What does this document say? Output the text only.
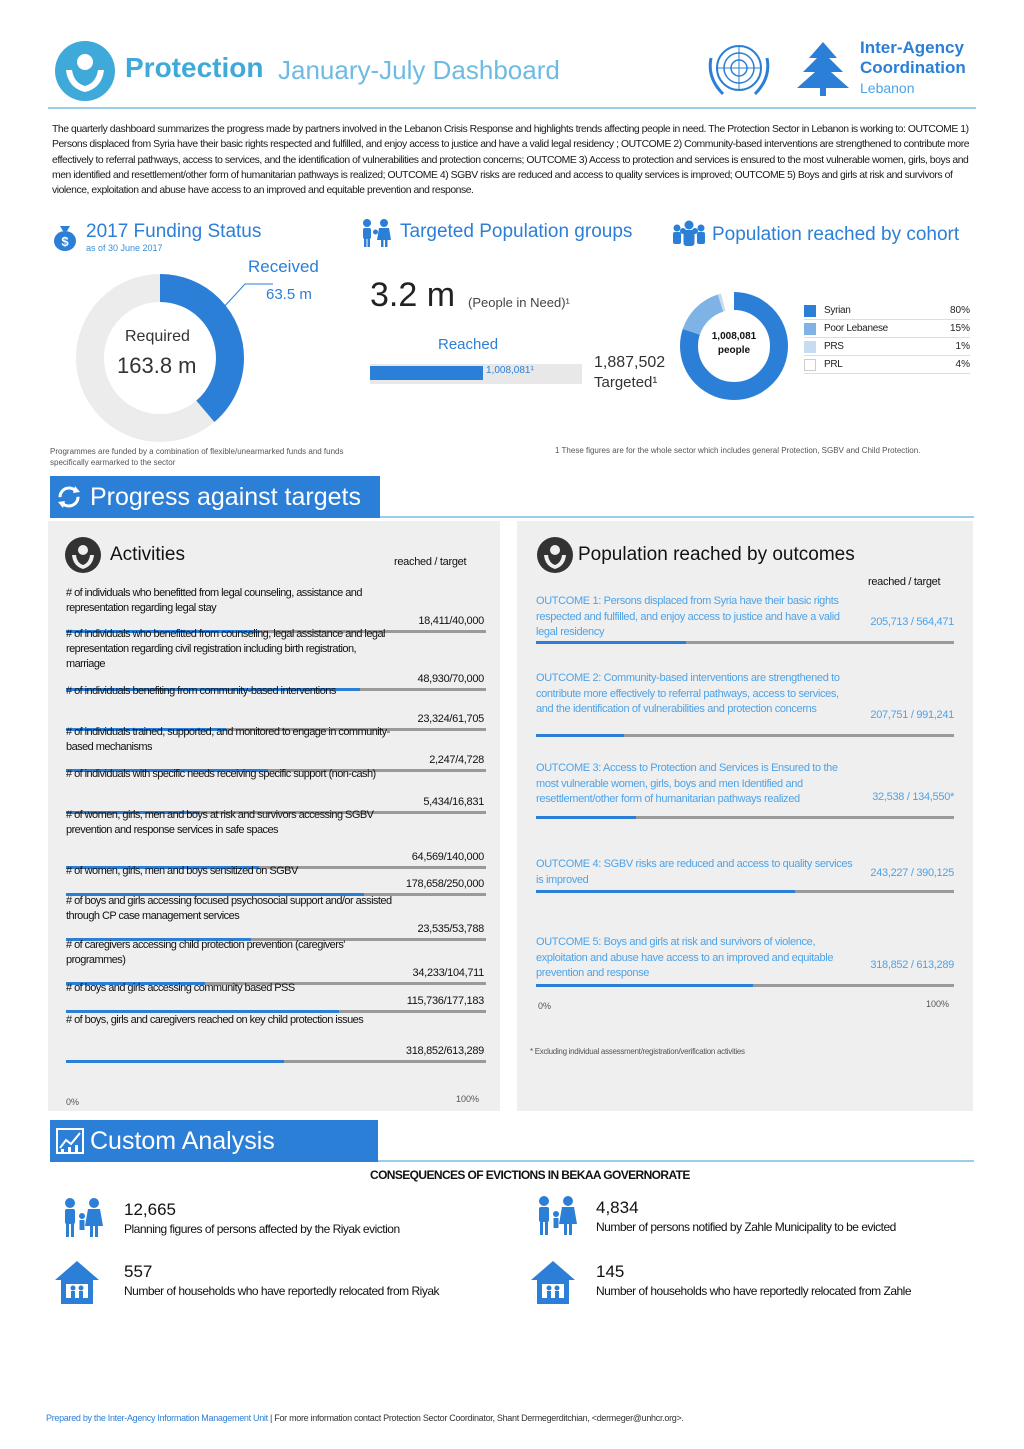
Protection January-July Dashboard
Inter-Agency
Coordination
Lebanon
The quarterly dashboard summarizes the progress made by partners involved in the Lebanon Crisis Response and highlights trends affecting people in need. The Protection Sector in Lebanon is working to: OUTCOME 1) Persons displaced from Syria have their basic rights respected and fulfilled, and enjoy access to justice and have a valid legal residency ; OUTCOME 2) Community-based interventions are strengthened to contribute more effectively to referral pathways, access to services, and the identification of vulnerabilities and protection concerns; OUTCOME 3) Access to protection and services is ensured to the most vulnerable women, girls, boys and men identified and resettlement/other form of humanitarian pathways is realized; OUTCOME 4) SGBV risks are reduced and access to quality services is improved; OUTCOME 5) Boys and girls at risk and survivors of violence, exploitation and abuse have access to an improved and equitable prevention and response.
$ 2017 Funding Status
as of 30 June 2017
Received
63.5 m
Required
163.8 m
Programmes are funded by a combination of flexible/unearmarked funds and funds specifically earmarked to the sector
Targeted Population groups
3.2 m (People in Need)¹
Reached
1,008,081¹	1,887,502
Targeted¹
Population reached by cohort
1,008,081
people
Syrian	80%
Poor Lebanese	15%
PRS	1%
PRL	4%
1 These figures are for the whole sector which includes general Protection, SGBV and Child Protection.
Progress against targets
Activities	reached / target
# of individuals who benefitted from legal counseling, assistance and representation regarding legal stay
18,411/40,000
# of individuals who benefitted from counseling, legal assistance and legal representation regarding civil registration including birth registration, marriage
48,930/70,000
# of individuals benefiting from community-based interventions
23,324/61,705
# of individuals trained, supported, and monitored to engage in community-based mechanisms
2,247/4,728
# of individuals with specific needs receiving specific support (non-cash)
5,434/16,831
# of women, girls, men and boys at risk and survivors accessing SGBV prevention and response services in safe spaces
64,569/140,000
# of women, girls, men and boys sensitized on SGBV
178,658/250,000
# of boys and girls accessing focused psychosocial support and/or assisted through CP case management services
23,535/53,788
# of caregivers accessing child protection prevention (caregivers' programmes)
34,233/104,711
# of boys and girls accessing community based PSS
115,736/177,183
# of boys, girls and caregivers reached on key child protection issues
318,852/613,289
0%	100%
Population reached by outcomes
reached / target
OUTCOME 1: Persons displaced from Syria have their basic rights respected and fulfilled, and enjoy access to justice and have a valid legal residency
205,713 / 564,471
OUTCOME 2: Community-based interventions are strengthened to contribute more effectively to referral pathways, access to services, and the identification of vulnerabilities and protection concerns	207,751 / 991,241
OUTCOME 3: Access to Protection and Services is Ensured to the most vulnerable women, girls, boys and men Identified and resettlement/other form of humanitarian pathways realized	32,538 / 134,550*
OUTCOME 4: SGBV risks are reduced and access to quality services is improved
243,227 / 390,125
OUTCOME 5: Boys and girls at risk and survivors of violence, exploitation and abuse have access to an improved and equitable prevention and response
318,852 / 613,289
0%	100%
* Excluding individual assessment/registration/verification activities
Custom Analysis
CONSEQUENCES OF EVICTIONS IN BEKAA GOVERNORATE
12,665
Planning figures of persons affected by the Riyak eviction
4,834
Number of persons notified by Zahle Municipality to be evicted
557
Number of households who have reportedly relocated from Riyak
145
Number of households who have reportedly relocated from Zahle
Prepared by the Inter-Agency Information Management Unit | For more information contact Protection Sector Coordinator, Shant Dermegerditchian, <dermeger@unhcr.org>.
